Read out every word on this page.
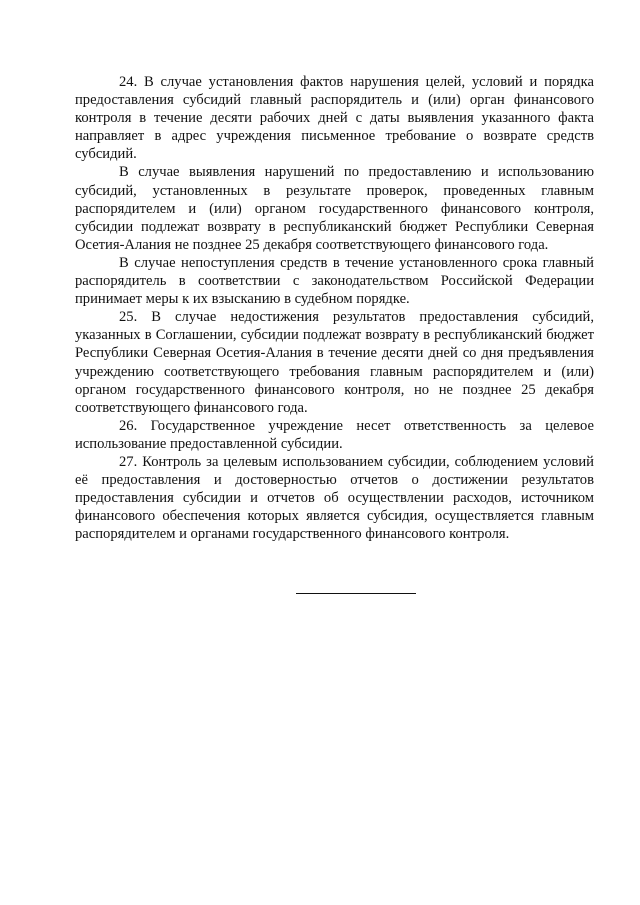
24. В случае установления фактов нарушения целей, условий и порядка предоставления субсидий главный распорядитель и (или) орган финансового контроля в течение десяти рабочих дней с даты выявления указанного факта направляет в адрес учреждения письменное требование о возврате средств субсидий.

В случае выявления нарушений по предоставлению и использованию субсидий, установленных в результате проверок, проведенных главным распорядителем и (или) органом государственного финансового контроля, субсидии подлежат возврату в республиканский бюджет Республики Северная Осетия-Алания не позднее 25 декабря соответствующего финансового года.

В случае непоступления средств в течение установленного срока главный распорядитель в соответствии с законодательством Российской Федерации принимает меры к их взысканию в судебном порядке.

25. В случае недостижения результатов предоставления субсидий, указанных в Соглашении, субсидии подлежат возврату в республиканский бюджет Республики Северная Осетия-Алания в течение десяти дней со дня предъявления учреждению соответствующего требования главным распорядителем и (или) органом государственного финансового контроля, но не позднее 25 декабря соответствующего финансового года.

26. Государственное учреждение несет ответственность за целевое использование предоставленной субсидии.

27. Контроль за целевым использованием субсидии, соблюдением условий её предоставления и достоверностью отчетов о достижении результатов предоставления субсидии и отчетов об осуществлении расходов, источником финансового обеспечения которых является субсидия, осуществляется главным распорядителем и органами государственного финансового контроля.
